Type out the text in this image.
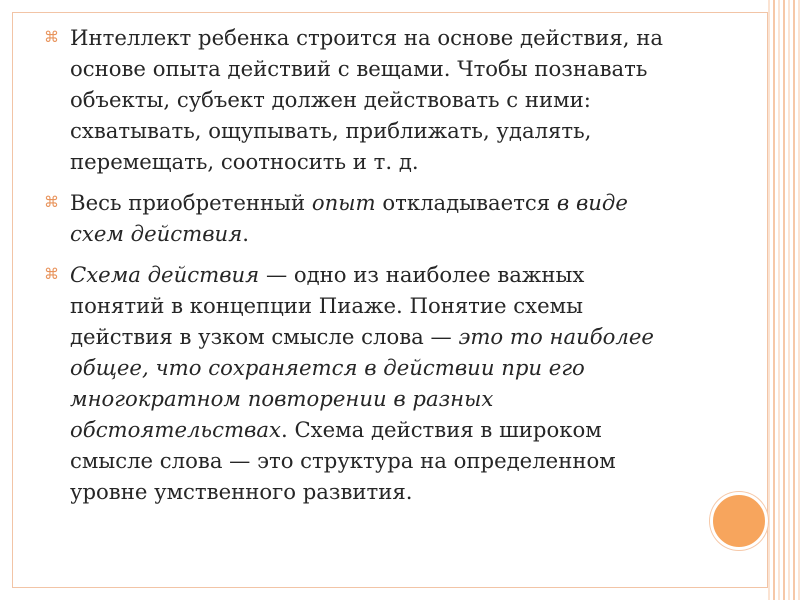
⌘ Интеллект ребенка строится на основе действия, на основе опыта действий с вещами. Чтобы познавать объекты, субъект должен действовать с ними: схватывать, ощупывать, приближать, удалять, перемещать, соотносить и т. д.
⌘ Весь приобретенный опыт откладывается в виде схем действия.
⌘ Схема действия — одно из наиболее важных понятий в концепции Пиаже. Понятие схемы действия в узком смысле слова — это то наиболее общее, что сохраняется в действии при его многократном повторении в разных обстоятельствах. Схема действия в широком смысле слова — это структура на определенном уровне умственного развития.
